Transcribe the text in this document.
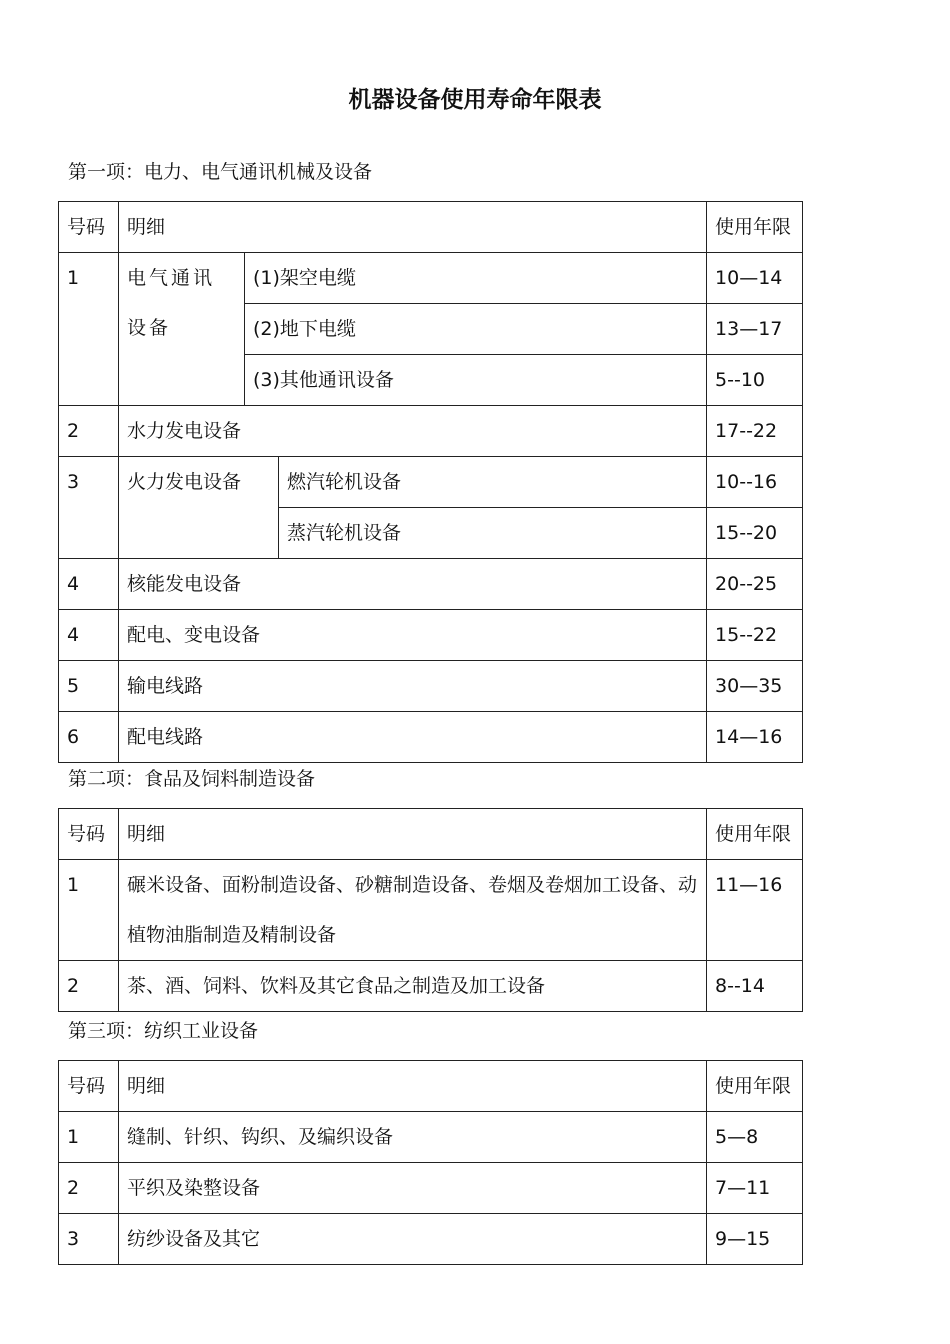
机器设备使用寿命年限表
第一项：电力、电气通讯机械及设备
号码	明细			使用年限
1	电气通讯设备	(1)架空电缆		10—14
		(2)地下电缆		13—17
		(3)其他通讯设备		5--10
2	水力发电设备			17--22
3	火力发电设备		燃汽轮机设备	10--16
			蒸汽轮机设备	15--20
4	核能发电设备			20--25
4	配电、变电设备			15--22
5	输电线路			30—35
6	配电线路			14—16
第二项：食品及饲料制造设备
号码	明细	使用年限
1	碾米设备、面粉制造设备、砂糖制造设备、卷烟及卷烟加工设备、动植物油脂制造及精制设备	11—16
2	茶、酒、饲料、饮料及其它食品之制造及加工设备	8--14
第三项：纺织工业设备
号码	明细	使用年限
1	缝制、针织、钩织、及编织设备	5—8
2	平织及染整设备	7—11
3	纺纱设备及其它	9—15
